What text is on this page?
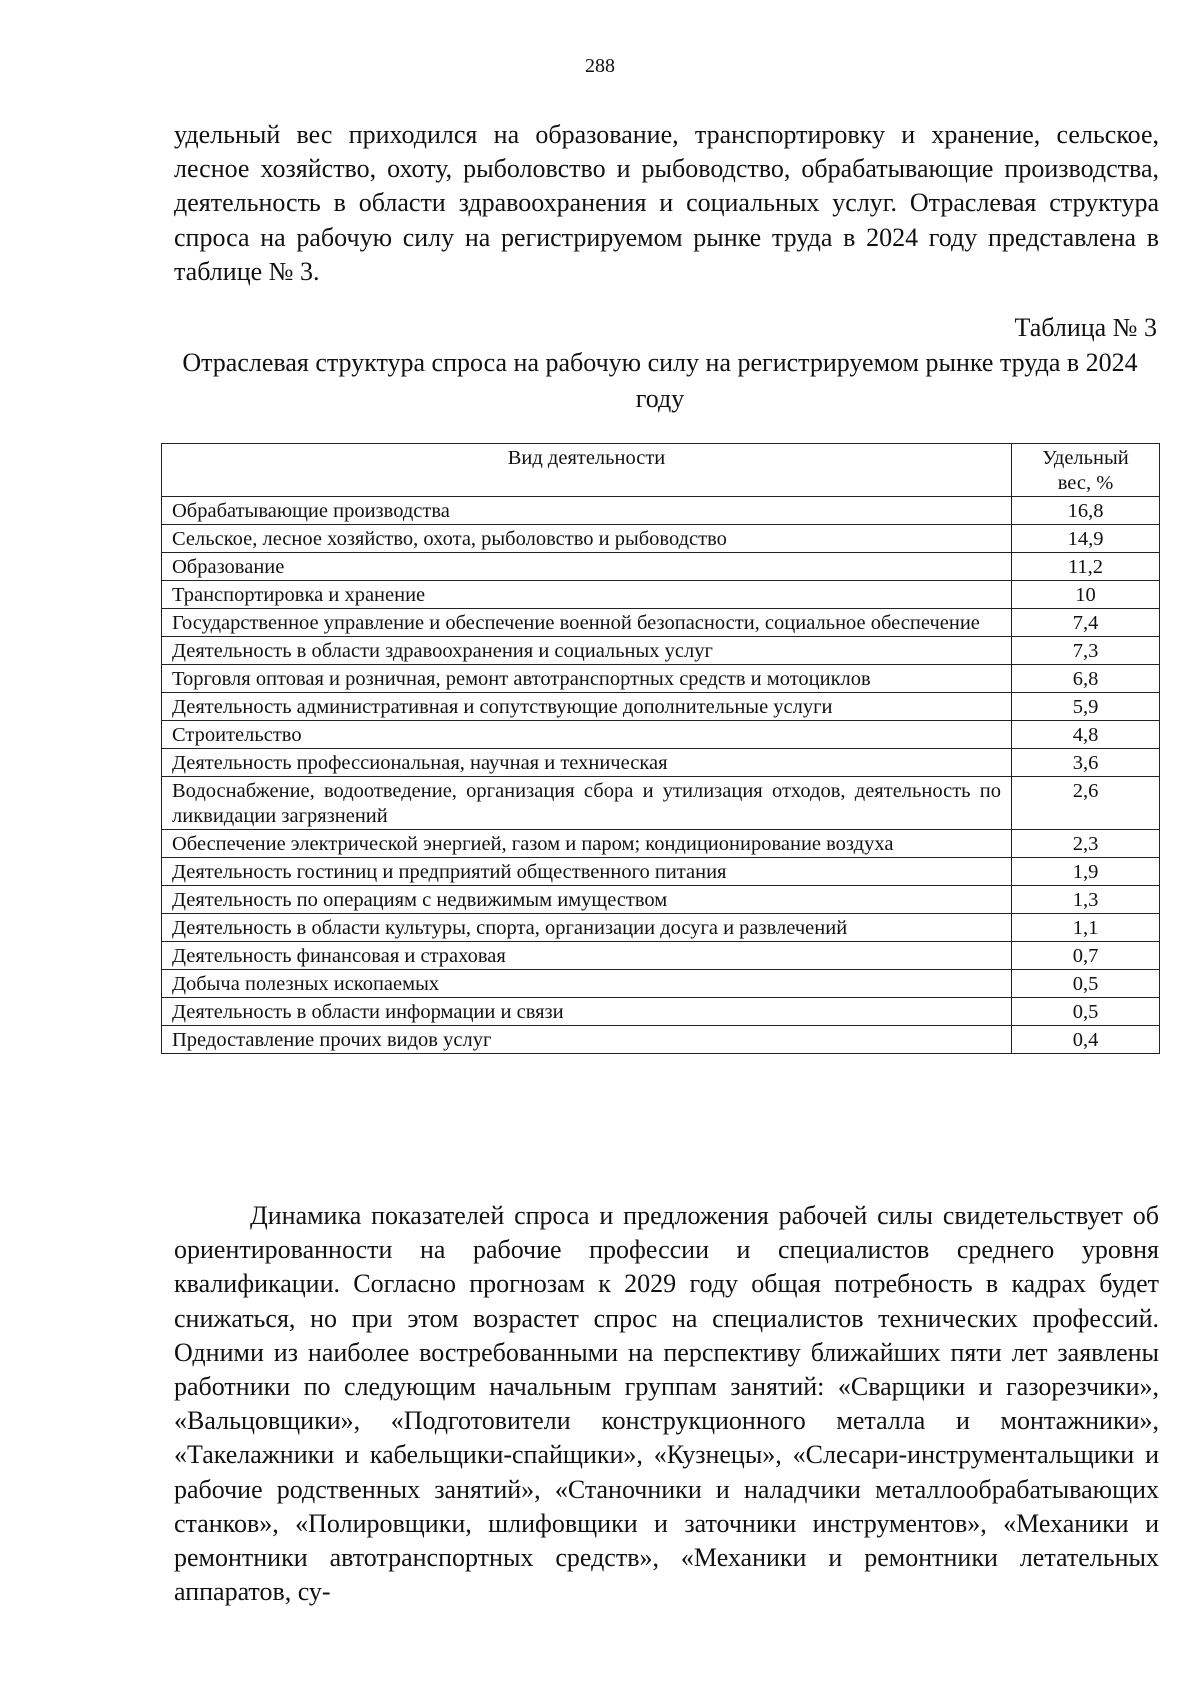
288

удельный вес приходился на образование, транспортировку и хранение, сельское, лесное хозяйство, охоту, рыболовство и рыбоводство, обрабатывающие производства, деятельность в области здравоохранения и социальных услуг. Отраслевая структура спроса на рабочую силу на регистрируемом рынке труда в 2024 году представлена в таблице № 3.

Таблица № 3

Отраслевая структура спроса на рабочую силу на регистрируемом рынке труда в 2024 году

Вид деятельности	Удельный
вес, %

Обрабатывающие производства	16,8
Сельское, лесное хозяйство, охота, рыболовство и рыбоводство	14,9
Образование	11,2
Транспортировка и хранение	10
Государственное управление и обеспечение военной безопасности, социальное обеспечение	7,4
Деятельность в области здравоохранения и социальных услуг	7,3
Торговля оптовая и розничная, ремонт автотранспортных средств и мотоциклов	6,8
Деятельность административная и сопутствующие дополнительные услуги	5,9
Строительство	4,8
Деятельность профессиональная, научная и техническая	3,6
Водоснабжение, водоотведение, организация сбора и утилизация отходов, деятельность по ликвидации загрязнений	2,6
Обеспечение электрической энергией, газом и паром; кондиционирование воздуха	2,3
Деятельность гостиниц и предприятий общественного питания	1,9
Деятельность по операциям с недвижимым имуществом	1,3
Деятельность в области культуры, спорта, организации досуга и развлечений	1,1
Деятельность финансовая и страховая	0,7
Добыча полезных ископаемых	0,5
Деятельность в области информации и связи	0,5
Предоставление прочих видов услуг	0,4

Динамика показателей спроса и предложения рабочей силы свидетельствует об ориентированности на рабочие профессии и специалистов среднего уровня квалификации. Согласно прогнозам к 2029 году общая потребность в кадрах будет снижаться, но при этом возрастет спрос на специалистов технических профессий. Одними из наиболее востребованными на перспективу ближайших пяти лет заявлены работники по следующим начальным группам занятий: «Сварщики и газорезчики», «Вальцовщики», «Подготовители конструкционного металла и монтажники», «Такелажники и кабельщики-спайщики», «Кузнецы», «Слесари-инструментальщики и рабочие родственных занятий», «Станочники и наладчики металлообрабатывающих станков», «Полировщики, шлифовщики и заточники инструментов», «Механики и ремонтники автотранспортных средств», «Механики и ремонтники летательных аппаратов, су-
